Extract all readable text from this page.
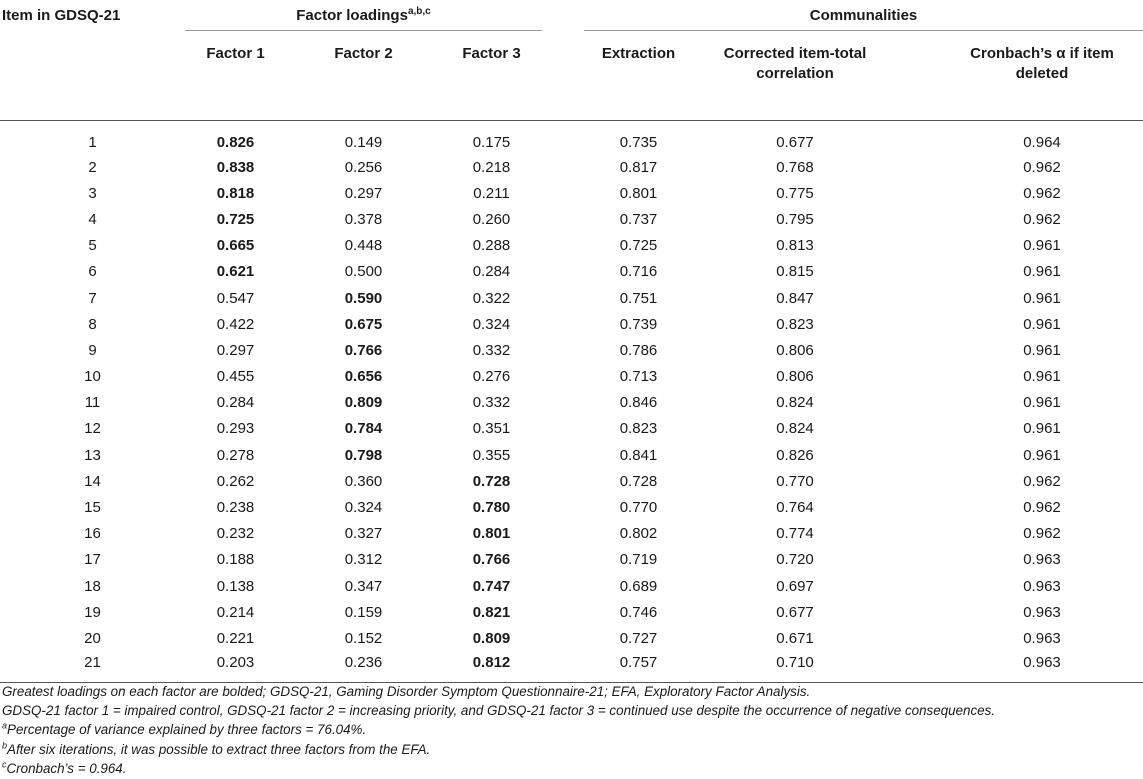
Item in GDSQ-21	Factor loadings$^{a,b,c}$				Communalities		
	Factor 1	Factor 2	Factor 3		Extraction	Corrected item-total correlation	Cronbach’s α if item deleted
1	0.826	0.149	0.175		0.735	0.677	0.964
2	0.838	0.256	0.218		0.817	0.768	0.962
3	0.818	0.297	0.211		0.801	0.775	0.962
4	0.725	0.378	0.260		0.737	0.795	0.962
5	0.665	0.448	0.288		0.725	0.813	0.961
6	0.621	0.500	0.284		0.716	0.815	0.961
7	0.547	0.590	0.322		0.751	0.847	0.961
8	0.422	0.675	0.324		0.739	0.823	0.961
9	0.297	0.766	0.332		0.786	0.806	0.961
10	0.455	0.656	0.276		0.713	0.806	0.961
11	0.284	0.809	0.332		0.846	0.824	0.961
12	0.293	0.784	0.351		0.823	0.824	0.961
13	0.278	0.798	0.355		0.841	0.826	0.961
14	0.262	0.360	0.728		0.728	0.770	0.962
15	0.238	0.324	0.780		0.770	0.764	0.962
16	0.232	0.327	0.801		0.802	0.774	0.962
17	0.188	0.312	0.766		0.719	0.720	0.963
18	0.138	0.347	0.747		0.689	0.697	0.963
19	0.214	0.159	0.821		0.746	0.677	0.963
20	0.221	0.152	0.809		0.727	0.671	0.963
21	0.203	0.236	0.812		0.757	0.710	0.963
Greatest loadings on each factor are bolded; GDSQ-21, Gaming Disorder Symptom Questionnaire-21; EFA, Exploratory Factor Analysis.
GDSQ-21 factor 1 = impaired control, GDSQ-21 factor 2 = increasing priority, and GDSQ-21 factor 3 = continued use despite the occurrence of negative consequences.
$^a$Percentage of variance explained by three factors = 76.04%.
$^b$After six iterations, it was possible to extract three factors from the EFA.
$^c$Cronbach’s = 0.964.
